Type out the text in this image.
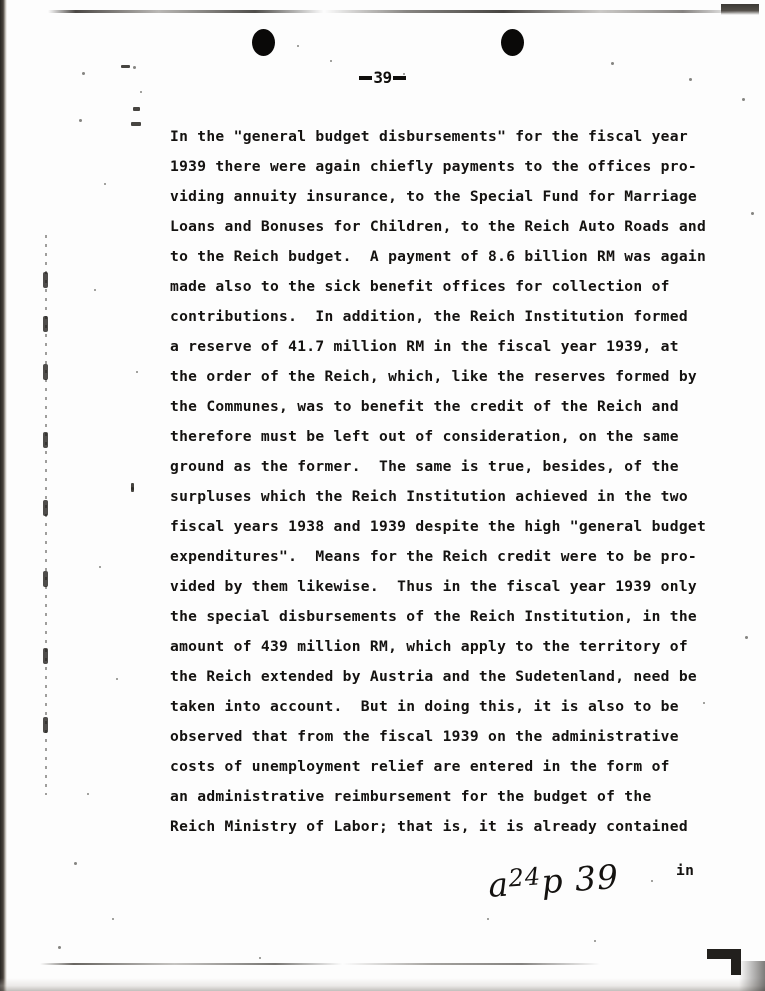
39
In the "general budget disbursements" for the fiscal year
1939 there were again chiefly payments to the offices pro-
viding annuity insurance, to the Special Fund for Marriage
Loans and Bonuses for Children, to the Reich Auto Roads and
to the Reich budget.  A payment of 8.6 billion RM was again
made also to the sick benefit offices for collection of
contributions.  In addition, the Reich Institution formed
a reserve of 41.7 million RM in the fiscal year 1939, at
the order of the Reich, which, like the reserves formed by
the Communes, was to benefit the credit of the Reich and
therefore must be left out of consideration, on the same
ground as the former.  The same is true, besides, of the
surpluses which the Reich Institution achieved in the two
fiscal years 1938 and 1939 despite the high "general budget
expenditures".  Means for the Reich credit were to be pro-
vided by them likewise.  Thus in the fiscal year 1939 only
the special disbursements of the Reich Institution, in the
amount of 439 million RM, which apply to the territory of
the Reich extended by Austria and the Sudetenland, need be
taken into account.  But in doing this, it is also to be
observed that from the fiscal 1939 on the administrative
costs of unemployment relief are entered in the form of
an administrative reimbursement for the budget of the
Reich Ministry of Labor; that is, it is already contained
in
$a^{24}p$ 39
